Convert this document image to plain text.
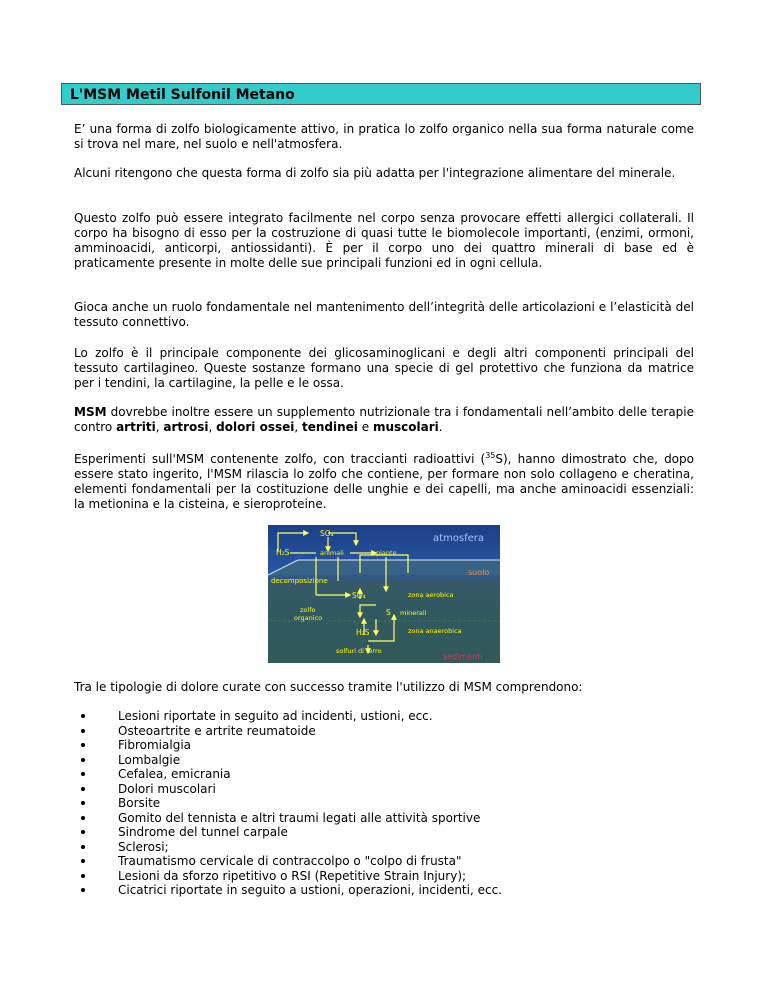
L'MSM Metil Sulfonil Metano

E’ una forma di zolfo biologicamente attivo, in pratica lo zolfo organico nella sua forma naturale come si trova nel mare, nel suolo e nell'atmosfera.

Alcuni ritengono che questa forma di zolfo sia più adatta per l'integrazione alimentare del minerale.

Questo zolfo può essere integrato facilmente nel corpo senza provocare effetti allergici collaterali. Il corpo ha bisogno di esso per la costruzione di quasi tutte le biomolecole importanti, (enzimi, ormoni, amminoacidi, anticorpi, antiossidanti). È per il corpo uno dei quattro minerali di base ed è praticamente presente in molte delle sue principali funzioni ed in ogni cellula.

Gioca anche un ruolo fondamentale nel mantenimento dell’integrità delle articolazioni e l’elasticità del tessuto connettivo.

Lo zolfo è il principale componente dei glicosaminoglicani e degli altri componenti principali del tessuto cartilagineo. Queste sostanze formano una specie di gel protettivo che funziona da matrice per i tendini, la cartilagine, la pelle e le ossa.

MSM dovrebbe inoltre essere un supplemento nutrizionale tra i fondamentali nell’ambito delle terapie contro artriti, artrosi, dolori ossei, tendinei e muscolari.

Esperimenti sull'MSM contenente zolfo, con traccianti radioattivi ($^{35}$S), hanno dimostrato che, dopo essere stato ingerito, l'MSM rilascia lo zolfo che contiene, per formare non solo collageno e cheratina, elementi fondamentali per la costituzione delle unghie e dei capelli, ma anche aminoacidi essenziali: la metionina e la cisteina, e sieroproteine.

atmosfera
suolo
sedimenti
H₂S
SO₄
animali	piante
decomposizione
SO₄	zona aerobica
zolfo
organico
S minerali
zona anaerobica
H₂S
solfuri di ferro

Tra le tipologie di dolore curate con successo tramite l'utilizzo di MSM comprendono:

Lesioni riportate in seguito ad incidenti, ustioni, ecc.
Osteoartrite e artrite reumatoide
Fibromialgia
Lombalgie
Cefalea, emicrania
Dolori muscolari
Borsite
Gomito del tennista e altri traumi legati alle attività sportive
Sindrome del tunnel carpale
Sclerosi;
Traumatismo cervicale di contraccolpo o "colpo di frusta"
Lesioni da sforzo ripetitivo o RSI (Repetitive Strain Injury);
Cicatrici riportate in seguito a ustioni, operazioni, incidenti, ecc.
